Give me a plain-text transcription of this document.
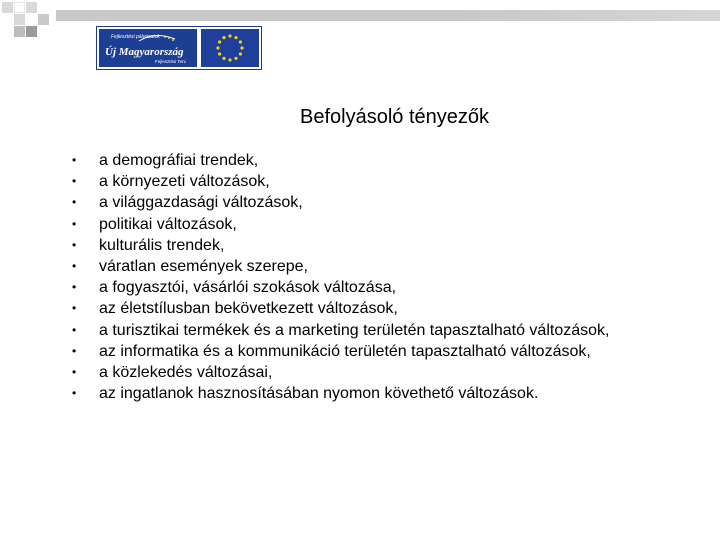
Fejlesztési pályázatok
Új Magyarország
Fejlesztési Terv
Befolyásoló tényezők
• a demográfiai trendek,
• a környezeti változások,
• a világgazdasági változások,
• politikai változások,
• kulturális trendek,
• váratlan események szerepe,
• a fogyasztói, vásárlói szokások változása,
• az életstílusban bekövetkezett változások,
• a turisztikai termékek és a marketing területén tapasztalható változások,
• az informatika és a kommunikáció területén tapasztalható változások,
• a közlekedés változásai,
• az ingatlanok hasznosításában nyomon követhető változások.
